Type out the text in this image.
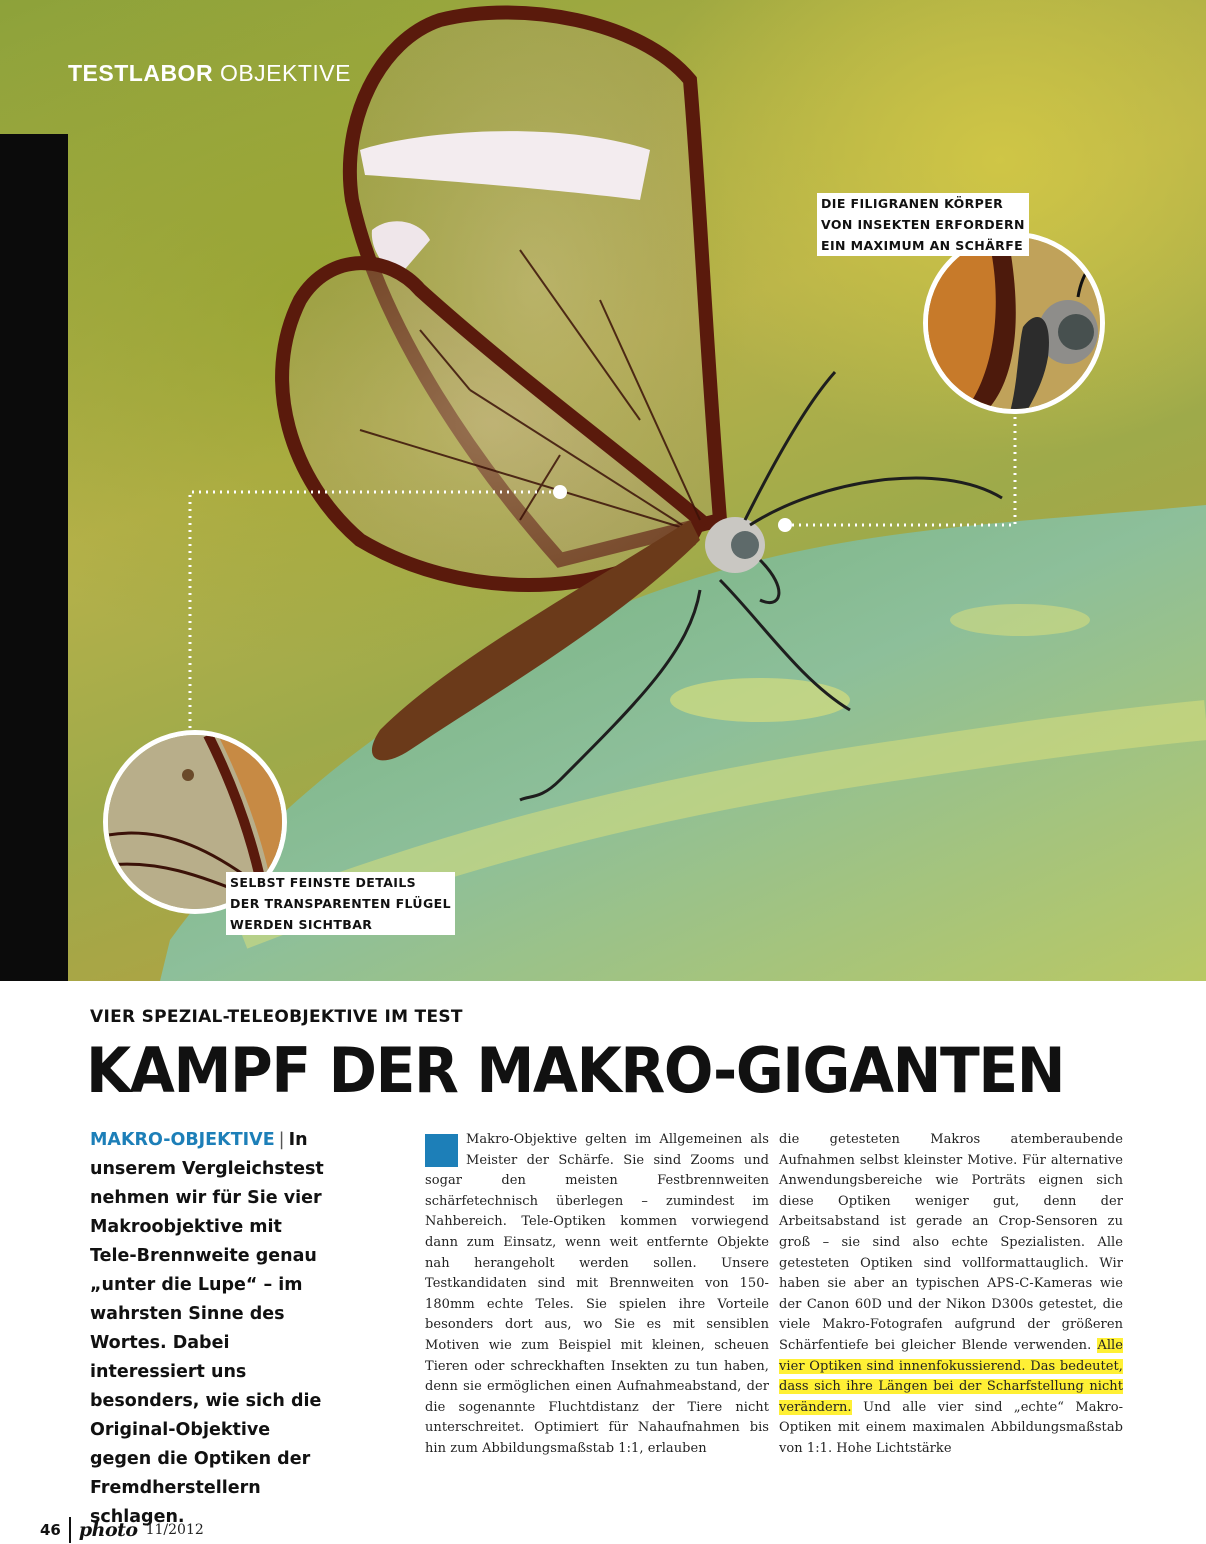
TESTLABOR OBJEKTIVE
DIE FILIGRANEN KÖRPER
VON INSEKTEN ERFORDERN
EIN MAXIMUM AN SCHÄRFE
SELBST FEINSTE DETAILS
DER TRANSPARENTEN FLÜGEL
WERDEN SICHTBAR
VIER SPEZIAL-TELEOBJEKTIVE IM TEST
KAMPF DER MAKRO-GIGANTEN
MAKRO-OBJEKTIVE | In unserem Vergleichstest nehmen wir für Sie vier Makroobjektive mit Tele-Brennweite genau „unter die Lupe“ – im wahrsten Sinne des Wortes. Dabei interessiert uns besonders, wie sich die Original-Objektive gegen die Optiken der Fremdherstellern schlagen.
Makro-Objektive gelten im Allgemeinen als Meister der Schärfe. Sie sind Zooms und sogar den meisten Festbrennweiten schärfetechnisch überlegen – zumindest im Nahbereich. Tele-Optiken kommen vorwiegend dann zum Einsatz, wenn weit entfernte Objekte nah herangeholt werden sollen. Unsere Testkandidaten sind mit Brennweiten von 150-180mm echte Teles. Sie spielen ihre Vorteile besonders dort aus, wo Sie es mit sensiblen Motiven wie zum Beispiel mit kleinen, scheuen Tieren oder schreckhaften Insekten zu tun haben, denn sie ermöglichen einen Aufnahmeabstand, der die sogenannte Fluchtdistanz der Tiere nicht unterschreitet. Optimiert für Nahaufnahmen bis hin zum Abbildungsmaßstab 1:1, erlauben
die getesteten Makros atemberaubende Aufnahmen selbst kleinster Motive. Für alternative Anwendungsbereiche wie Porträts eignen sich diese Optiken weniger gut, denn der Arbeitsabstand ist gerade an Crop-Sensoren zu groß – sie sind also echte Spezialisten. Alle getesteten Optiken sind vollformattauglich. Wir haben sie aber an typischen APS-C-Kameras wie der Canon 60D und der Nikon D300s getestet, die viele Makro-Fotografen aufgrund der größeren Schärfentiefe bei gleicher Blende verwenden. Alle vier Optiken sind innenfokussierend. Das bedeutet, dass sich ihre Längen bei der Scharfstellung nicht verändern. Und alle vier sind „echte“ Makro-Optiken mit einem maximalen Abbildungsmaßstab von 1:1. Hohe Lichtstärke
46 photo 11/2012
